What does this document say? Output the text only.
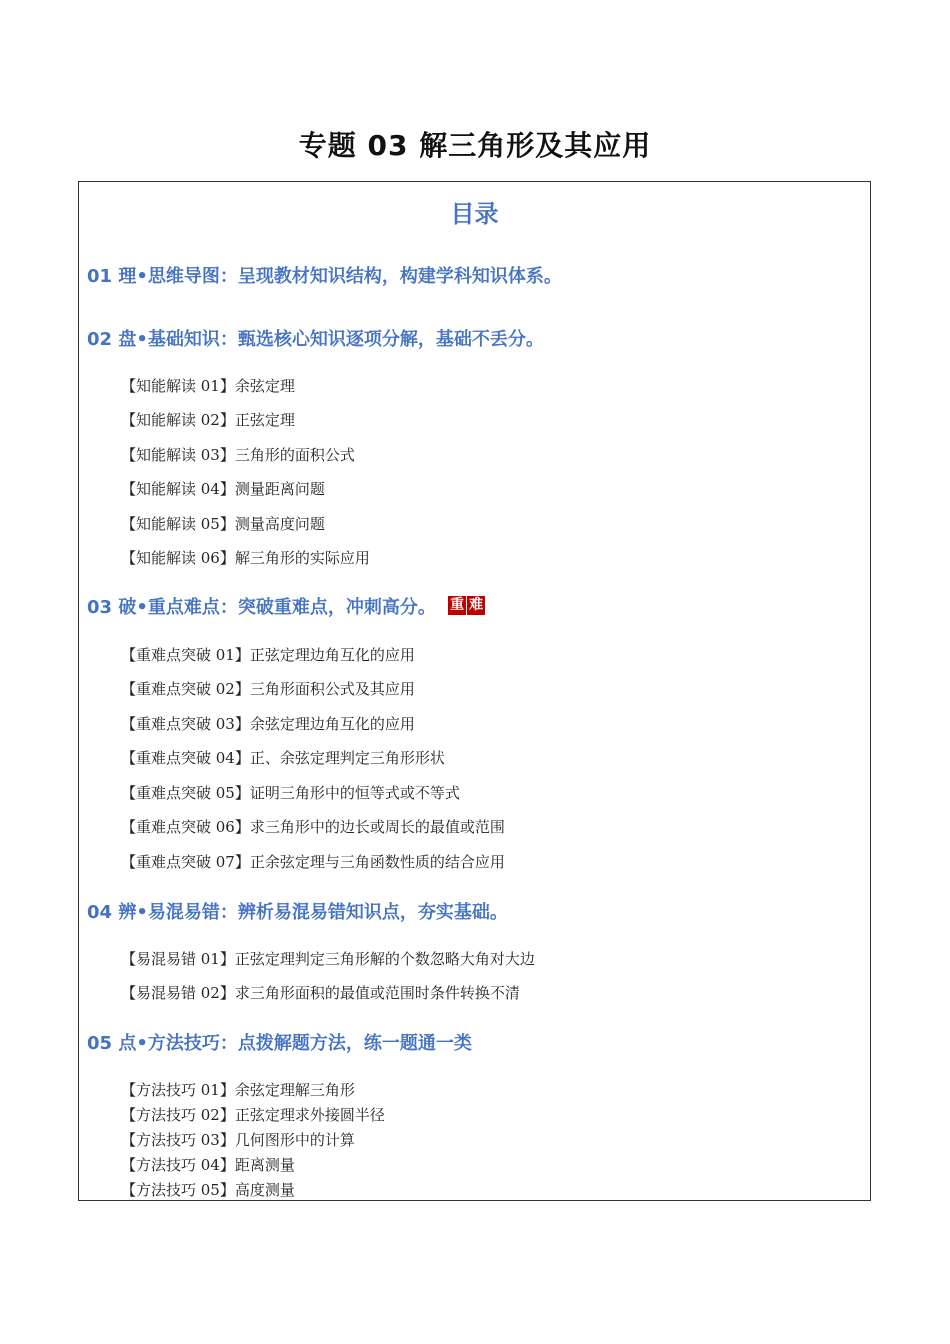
专题 03 解三角形及其应用
目录
01 理•思维导图：呈现教材知识结构，构建学科知识体系。
02 盘•基础知识：甄选核心知识逐项分解，基础不丢分。
【知能解读 01】余弦定理
【知能解读 02】正弦定理
【知能解读 03】三角形的面积公式
【知能解读 04】测量距离问题
【知能解读 05】测量高度问题
【知能解读 06】解三角形的实际应用
03 破•重点难点：突破重难点，冲刺高分。 重 难
【重难点突破 01】正弦定理边角互化的应用
【重难点突破 02】三角形面积公式及其应用
【重难点突破 03】余弦定理边角互化的应用
【重难点突破 04】正、余弦定理判定三角形形状
【重难点突破 05】证明三角形中的恒等式或不等式
【重难点突破 06】求三角形中的边长或周长的最值或范围
【重难点突破 07】正余弦定理与三角函数性质的结合应用
04 辨•易混易错：辨析易混易错知识点，夯实基础。
【易混易错 01】正弦定理判定三角形解的个数忽略大角对大边
【易混易错 02】求三角形面积的最值或范围时条件转换不清
05 点•方法技巧：点拨解题方法，练一题通一类
【方法技巧 01】余弦定理解三角形
【方法技巧 02】正弦定理求外接圆半径
【方法技巧 03】几何图形中的计算
【方法技巧 04】距离测量
【方法技巧 05】高度测量
